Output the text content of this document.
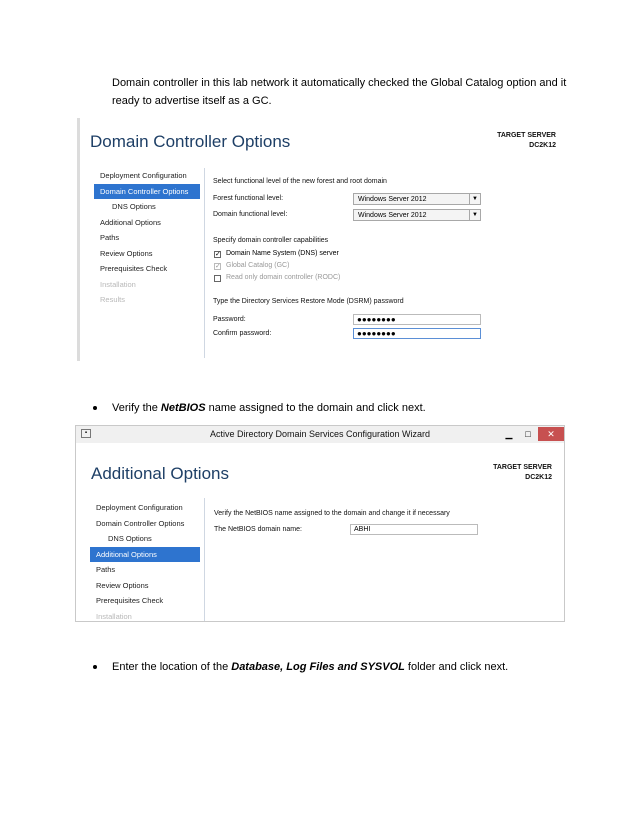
Domain controller in this lab network it automatically checked the Global Catalog option and it ready to advertise itself as a GC.
Domain Controller Options	TARGET SERVER
DC2K12
Deployment Configuration
Domain Controller Options
DNS Options
Additional Options
Paths
Review Options
Prerequisites Check
Installation
Results
Select functional level of the new forest and root domain
Forest functional level:	Windows Server 2012	▼
Domain functional level:	Windows Server 2012	▼
Specify domain controller capabilities
✓ Domain Name System (DNS) server
✓ Global Catalog (GC)
Read only domain controller (RODC)
Type the Directory Services Restore Mode (DSRM) password
Password:	●●●●●●●●
Confirm password:	●●●●●●●●
Verify the NetBIOS name assigned to the domain and click next.
▪	Active Directory Domain Services Configuration Wizard	▁	□	✕
Additional Options	TARGET SERVER
DC2K12
Deployment Configuration
Domain Controller Options
DNS Options
Additional Options
Paths
Review Options
Prerequisites Check
Installation
Verify the NetBIOS name assigned to the domain and change it if necessary
The NetBIOS domain name:	ABHI
Enter the location of the Database, Log Files and SYSVOL folder and click next.
